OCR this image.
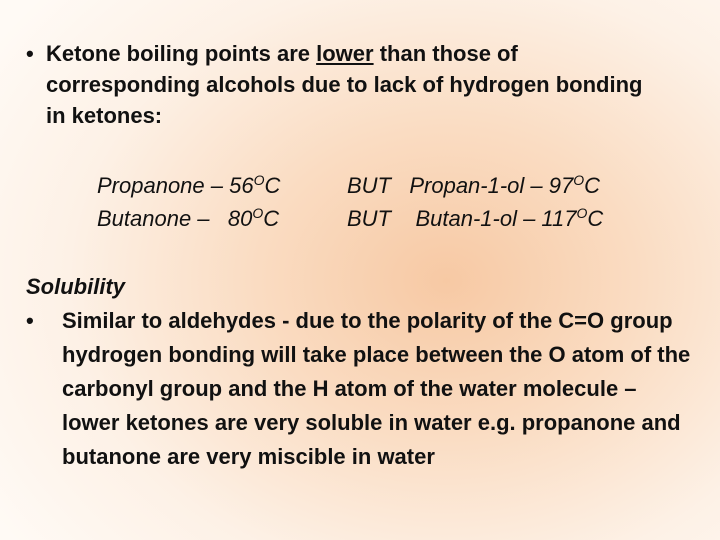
• Ketone boiling points are lower than those of corresponding alcohols due to lack of hydrogen bonding in ketones:
Propanone – $56^OC$	BUT Propan-1-ol – $97^OC$
Butanone –   $80^OC$	BUT    $Butan-1-ol - 117^OC$
Solubility
•	Similar to aldehydes - due to the polarity of the C=O group hydrogen bonding will take place between the O atom of the carbonyl group and the H atom of the water molecule – lower ketones are very soluble in water e.g. propanone and butanone are very miscible in water
